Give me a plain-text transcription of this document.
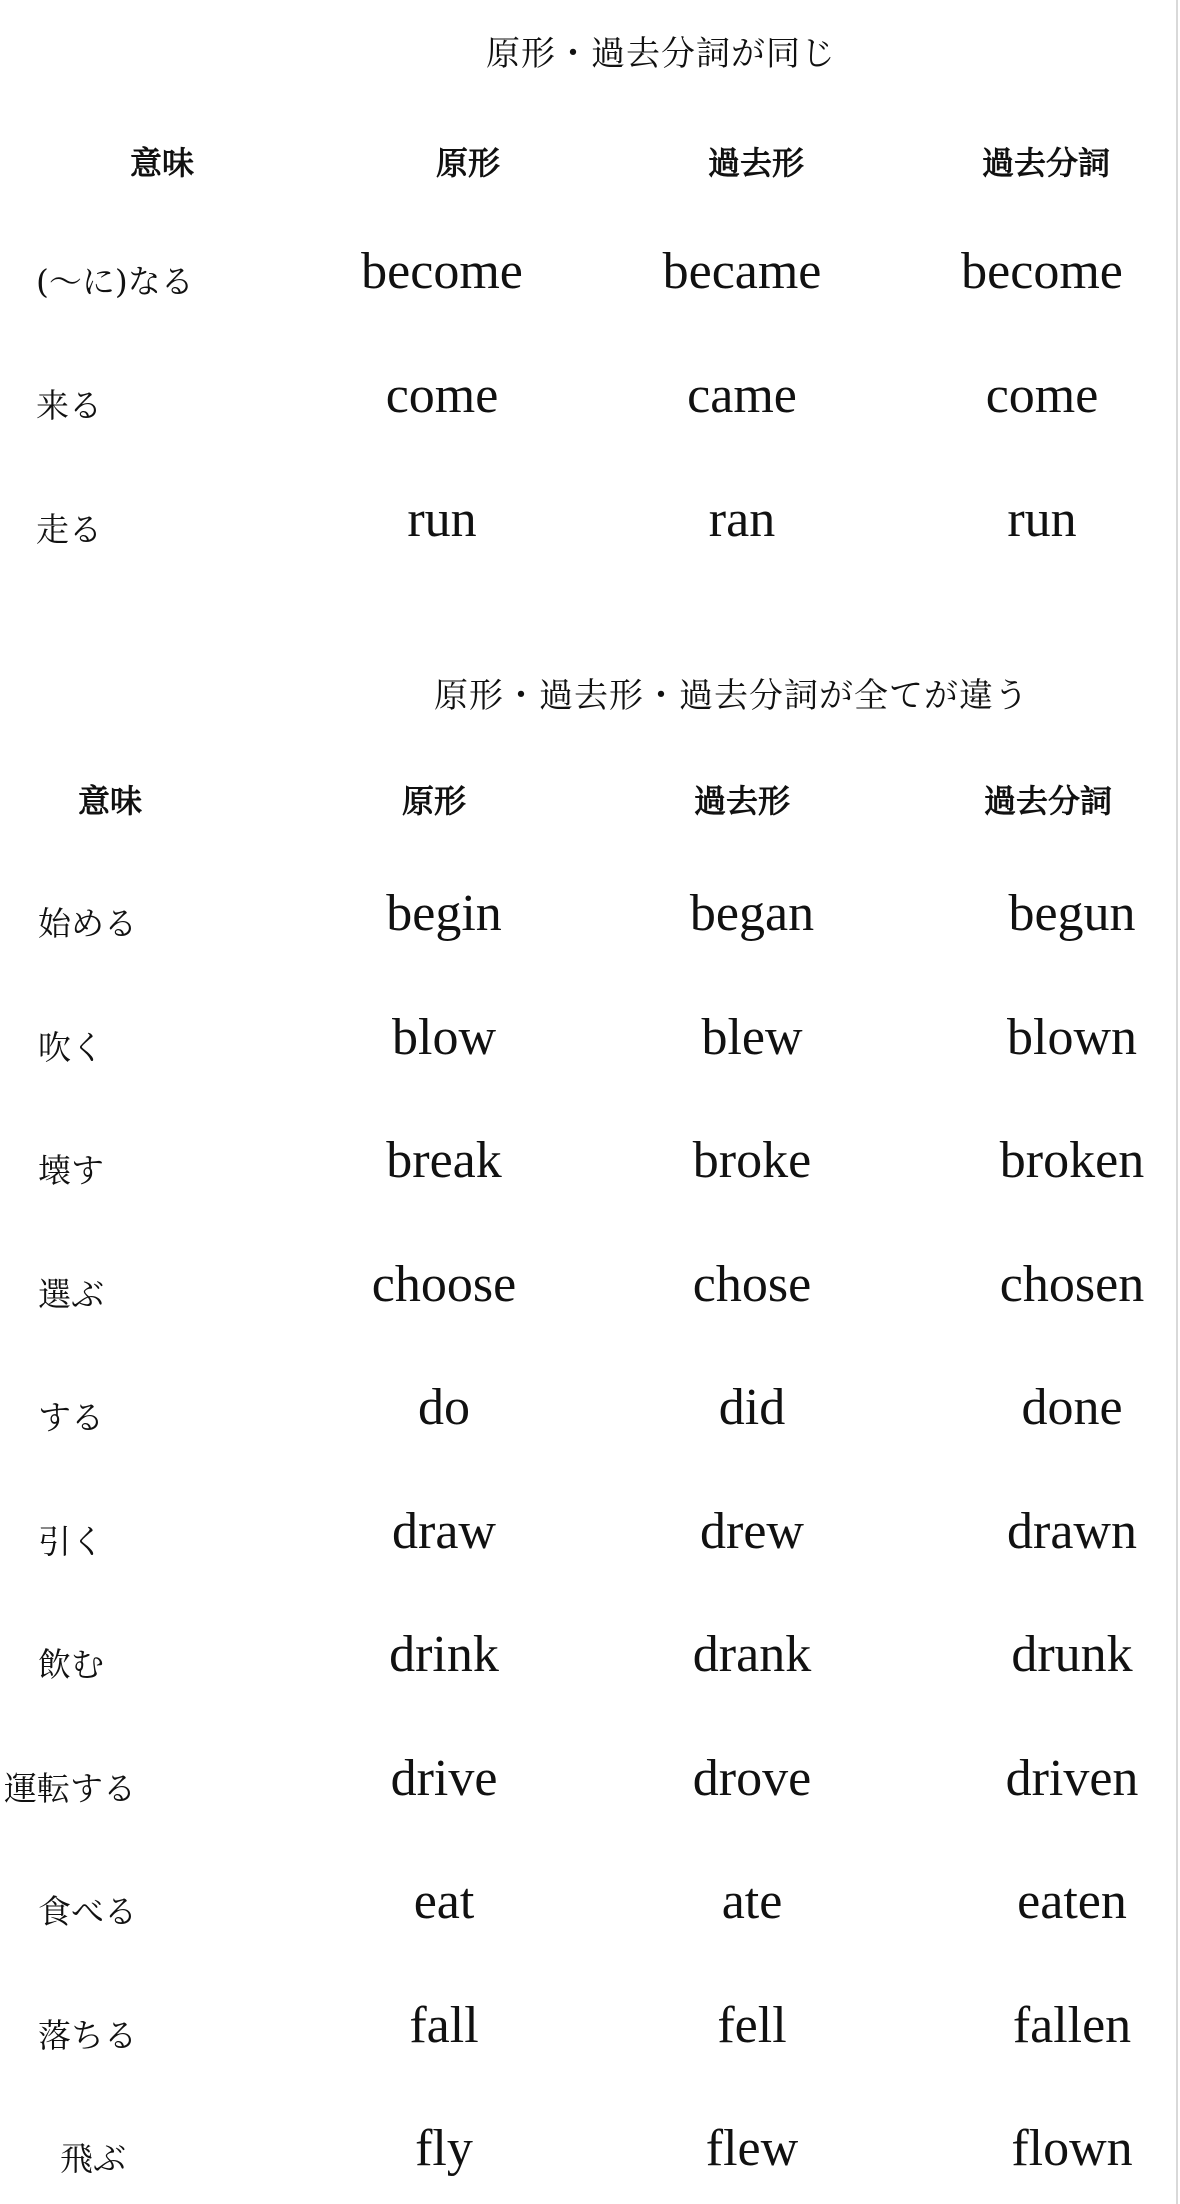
原形・過去分詞が同じ
意味	原形	過去形	過去分詞
(〜に)なる	become	became	become
来る	come	came	come
走る	run	ran	run
原形・過去形・過去分詞が全てが違う
意味	原形	過去形	過去分詞
始める	begin	began	begun
吹く	blow	blew	blown
壊す	break	broke	broken
選ぶ	choose	chose	chosen
する	do	did	done
引く	draw	drew	drawn
飲む	drink	drank	drunk
運転する	drive	drove	driven
食べる	eat	ate	eaten
落ちる	fall	fell	fallen
飛ぶ	fly	flew	flown
